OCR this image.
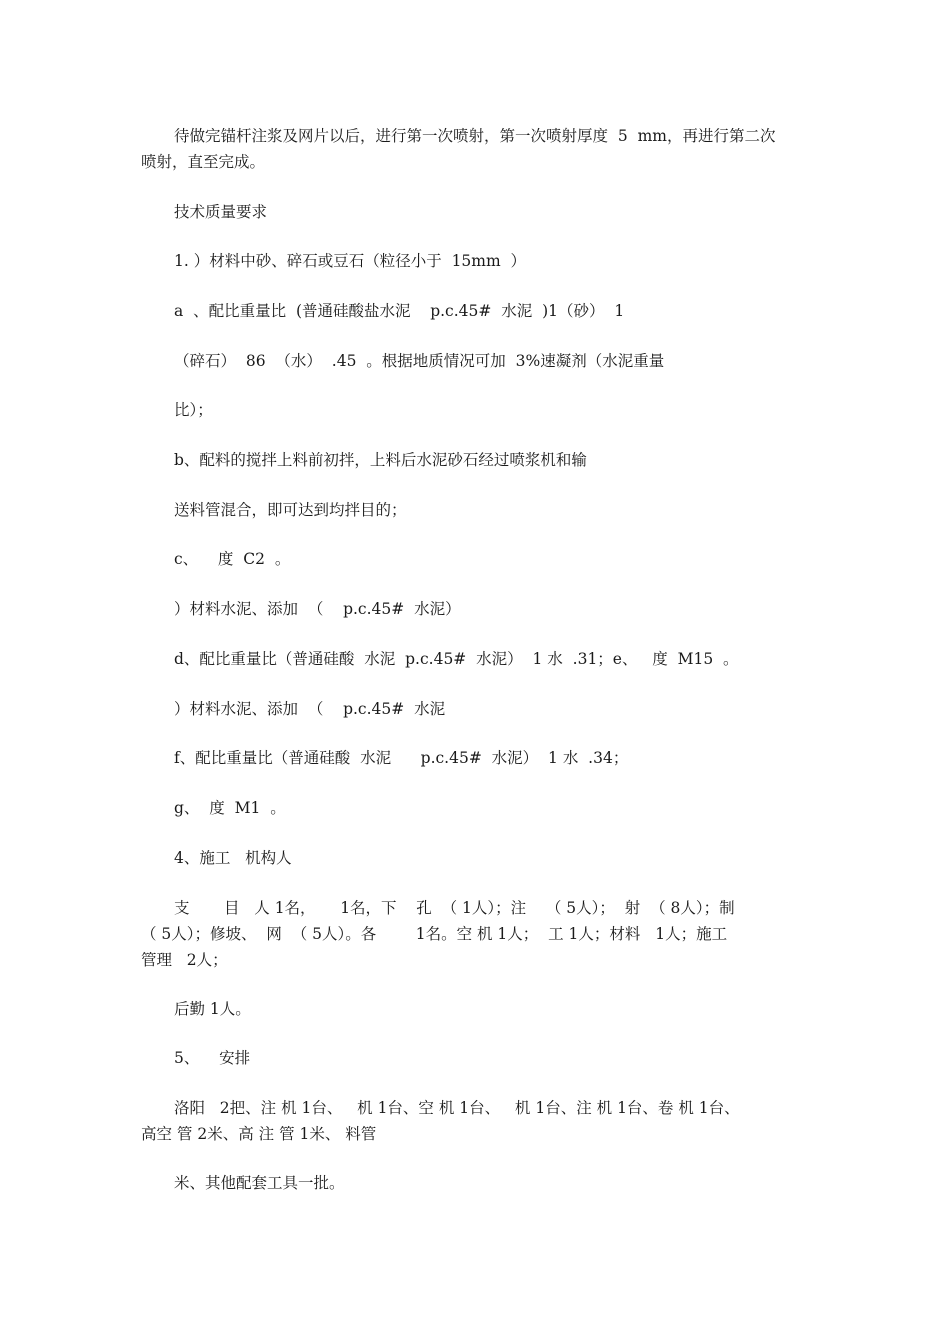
待做完锚杆注浆及网片以后，进行第一次喷射，第一次喷射厚度  5  mm，再进行第二次
喷射，直至完成。
技术质量要求
1. ）材料中砂、碎石或豆石（粒径小于  15mm  ）
a  、配比重量比  (普通硅酸盐水泥    p.c.45#  水泥  )1（砂）  1
（碎石）  86  （水）  .45  。根据地质情况可加  3%速凝剂（水泥重量
比）；
b、配料的搅拌上料前初拌，上料后水泥砂石经过喷浆机和输
送料管混合，即可达到均拌目的；
c、    度  C2  。
）材料水泥、添加  （    p.c.45#  水泥）
d、配比重量比（普通硅酸  水泥  p.c.45#  水泥）  1 水  .31；e、   度  M15  。
）材料水泥、添加  （    p.c.45#  水泥
f、配比重量比（普通硅酸  水泥      p.c.45#  水泥）  1 水  .34；
g、  度  M1  。
4、施工   机构人
支       目   人 1名，     1名，下    孔  （ 1人）；注    （ 5人）；  射  （ 8人）；制
（ 5人）；修坡、  网  （ 5人）。各        1名。空 机 1人；  工 1人；材料   1人；施工
管理   2人；
后勤 1人。
5、    安排
洛阳   2把、注 机 1台、   机 1台、空 机 1台、   机 1台、注 机 1台、卷 机 1台、
高空 管 2米、高 注 管 1米、 料管
米、其他配套工具一批。
